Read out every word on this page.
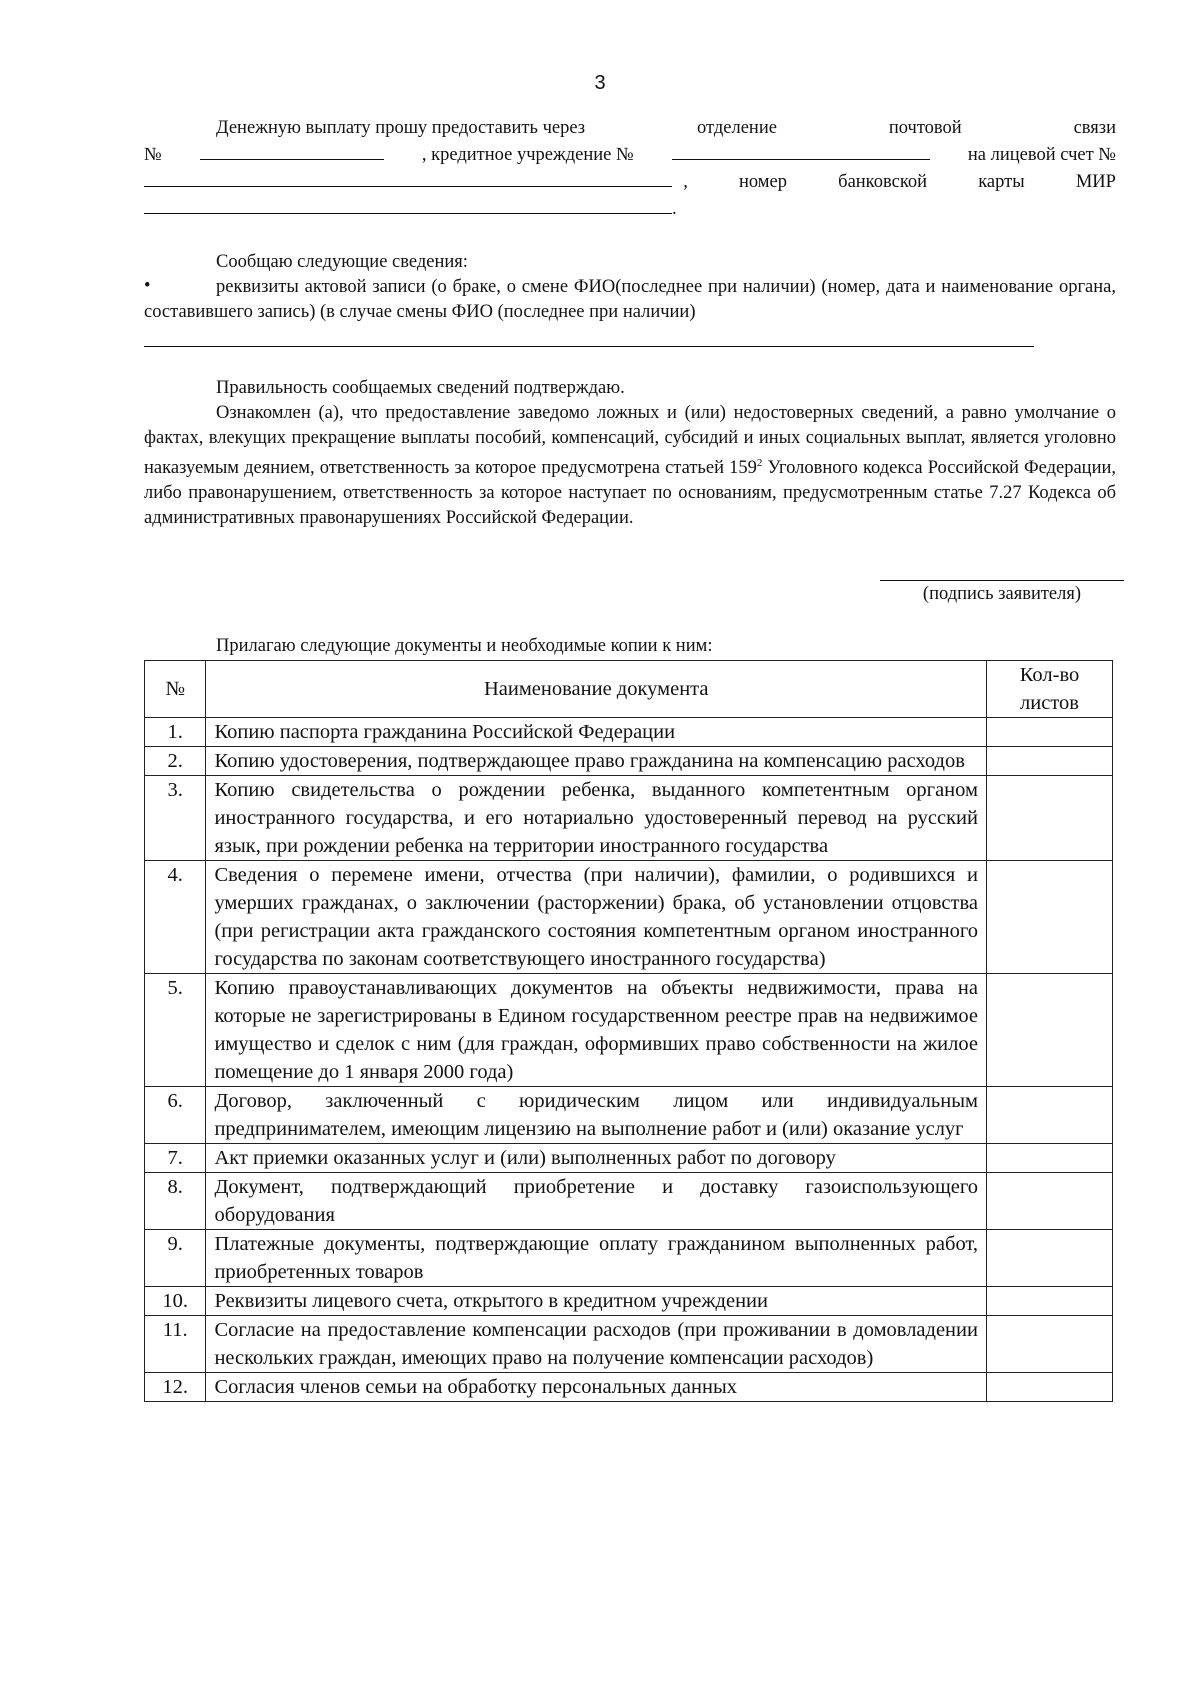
3
Денежную выплату прошу предоставить через	отделение	почтовой	связи
№	, кредитное учреждение №	на лицевой счет №
,	номер	банковской	карты	МИР
.
Сообщаю следующие сведения:
•	реквизиты актовой записи (о браке, о смене ФИО(последнее при наличии) (номер, дата и наименование органа, составившего запись) (в случае смены ФИО (последнее при наличии)
Правильность сообщаемых сведений подтверждаю.
Ознакомлен (а), что предоставление заведомо ложных и (или) недостоверных сведений, а равно умолчание о фактах, влекущих прекращение выплаты пособий, компенсаций, субсидий и иных социальных выплат, является уголовно наказуемым деянием, ответственность за которое предусмотрена статьей $159^2$ Уголовного кодекса Российской Федерации, либо правонарушением, ответственность за которое наступает по основаниям, предусмотренным статье 7.27 Кодекса об административных правонарушениях Российской Федерации.
(подпись заявителя)
Прилагаю следующие документы и необходимые копии к ним:
№	Наименование документа	Кол-во листов
1.	Копию паспорта гражданина Российской Федерации	
2.	Копию удостоверения, подтверждающее право гражданина на компенсацию расходов	
3.	Копию свидетельства о рождении ребенка, выданного компетентным органом иностранного государства, и его нотариально удостоверенный перевод на русский язык, при рождении ребенка на территории иностранного государства	
4.	Сведения о перемене имени, отчества (при наличии), фамилии, о родившихся и умерших гражданах, о заключении (расторжении) брака, об установлении отцовства (при регистрации акта гражданского состояния компетентным органом иностранного государства по законам соответствующего иностранного государства)	
5.	Копию правоустанавливающих документов на объекты недвижимости, права на которые не зарегистрированы в Едином государственном реестре прав на недвижимое имущество и сделок с ним (для граждан, оформивших право собственности на жилое помещение до 1 января 2000 года)	
6.	Договор, заключенный с юридическим лицом или индивидуальным предпринимателем, имеющим лицензию на выполнение работ и (или) оказание услуг	
7.	Акт приемки оказанных услуг и (или) выполненных работ по договору	
8.	Документ, подтверждающий приобретение и доставку газоиспользующего оборудования	
9.	Платежные документы, подтверждающие оплату гражданином выполненных работ, приобретенных товаров	
10.	Реквизиты лицевого счета, открытого в кредитном учреждении	
11.	Согласие на предоставление компенсации расходов (при проживании в домовладении нескольких граждан, имеющих право на получение компенсации расходов)	
12.	Согласия членов семьи на обработку персональных данных	
